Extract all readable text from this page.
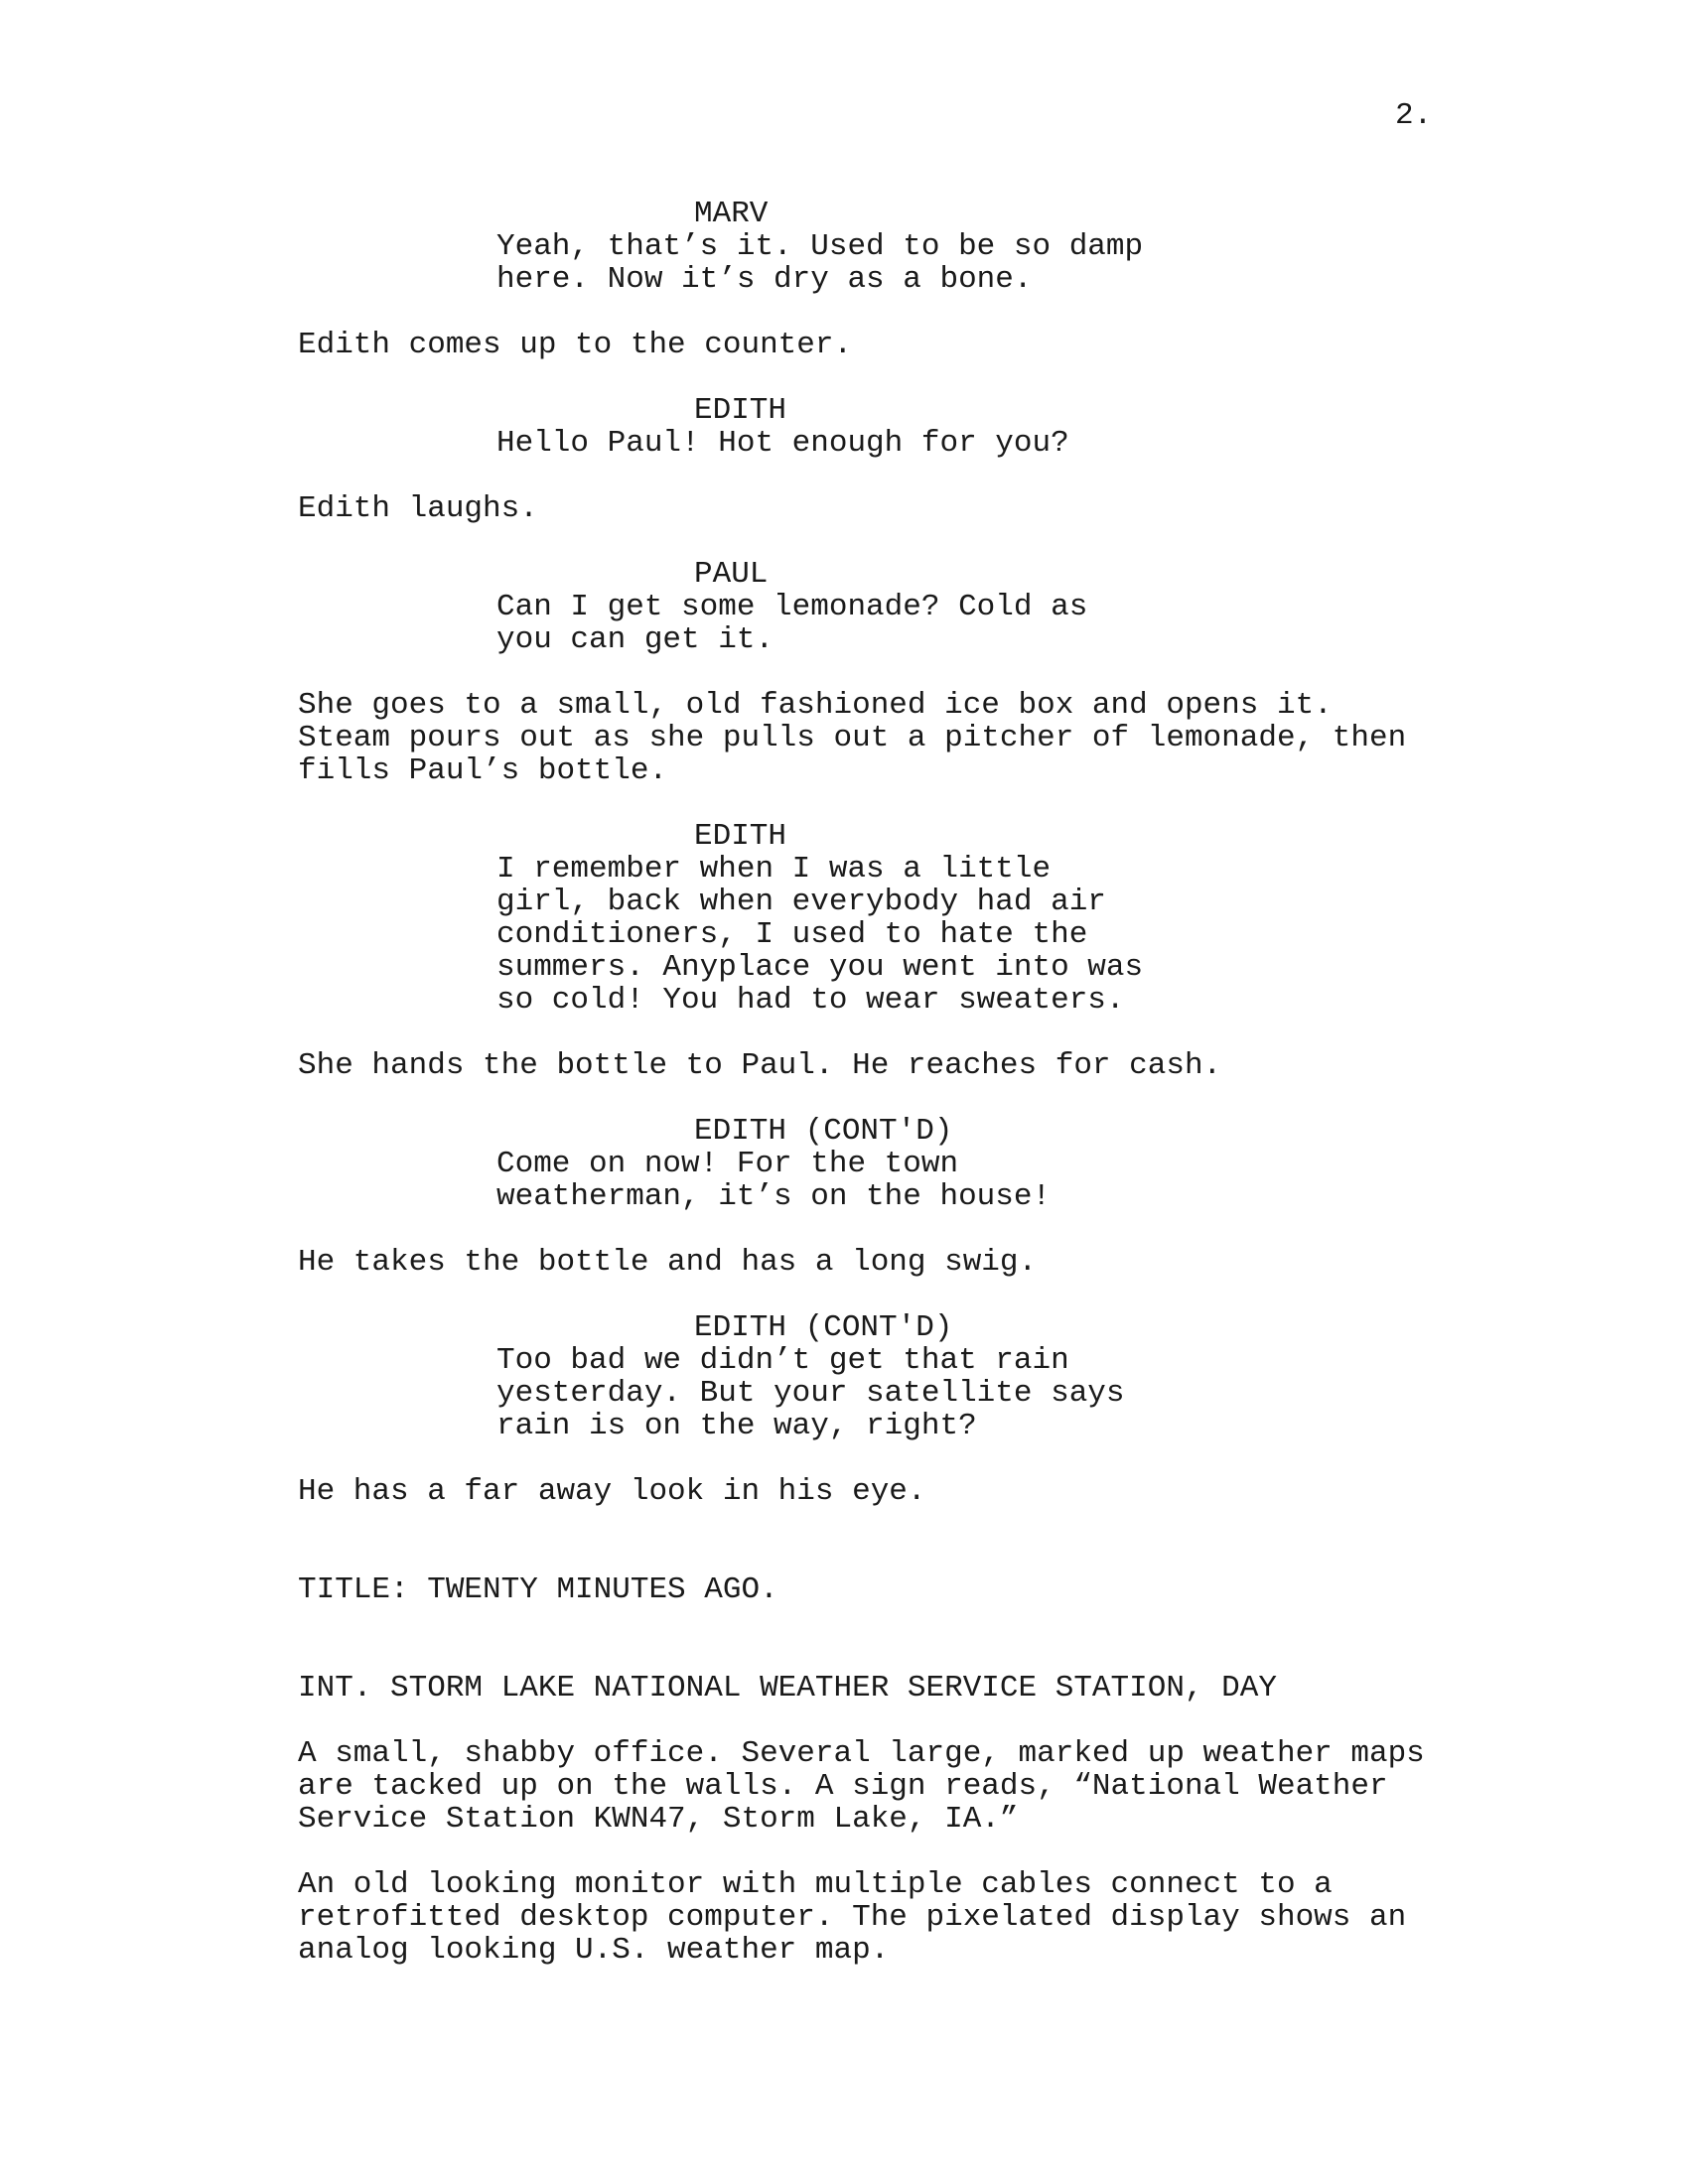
2.
MARV
Yeah, that’s it. Used to be so damp
here. Now it’s dry as a bone.
Edith comes up to the counter.
EDITH
Hello Paul! Hot enough for you?
Edith laughs.
PAUL
Can I get some lemonade? Cold as
you can get it.
She goes to a small, old fashioned ice box and opens it.
Steam pours out as she pulls out a pitcher of lemonade, then
fills Paul’s bottle.
EDITH
I remember when I was a little
girl, back when everybody had air
conditioners, I used to hate the
summers. Anyplace you went into was
so cold! You had to wear sweaters.
She hands the bottle to Paul. He reaches for cash.
EDITH (CONT'D)
Come on now! For the town
weatherman, it’s on the house!
He takes the bottle and has a long swig.
EDITH (CONT'D)
Too bad we didn’t get that rain
yesterday. But your satellite says
rain is on the way, right?
He has a far away look in his eye.
TITLE: TWENTY MINUTES AGO.
INT. STORM LAKE NATIONAL WEATHER SERVICE STATION, DAY
A small, shabby office. Several large, marked up weather maps
are tacked up on the walls. A sign reads, “National Weather
Service Station KWN47, Storm Lake, IA.”
An old looking monitor with multiple cables connect to a
retrofitted desktop computer. The pixelated display shows an
analog looking U.S. weather map.
